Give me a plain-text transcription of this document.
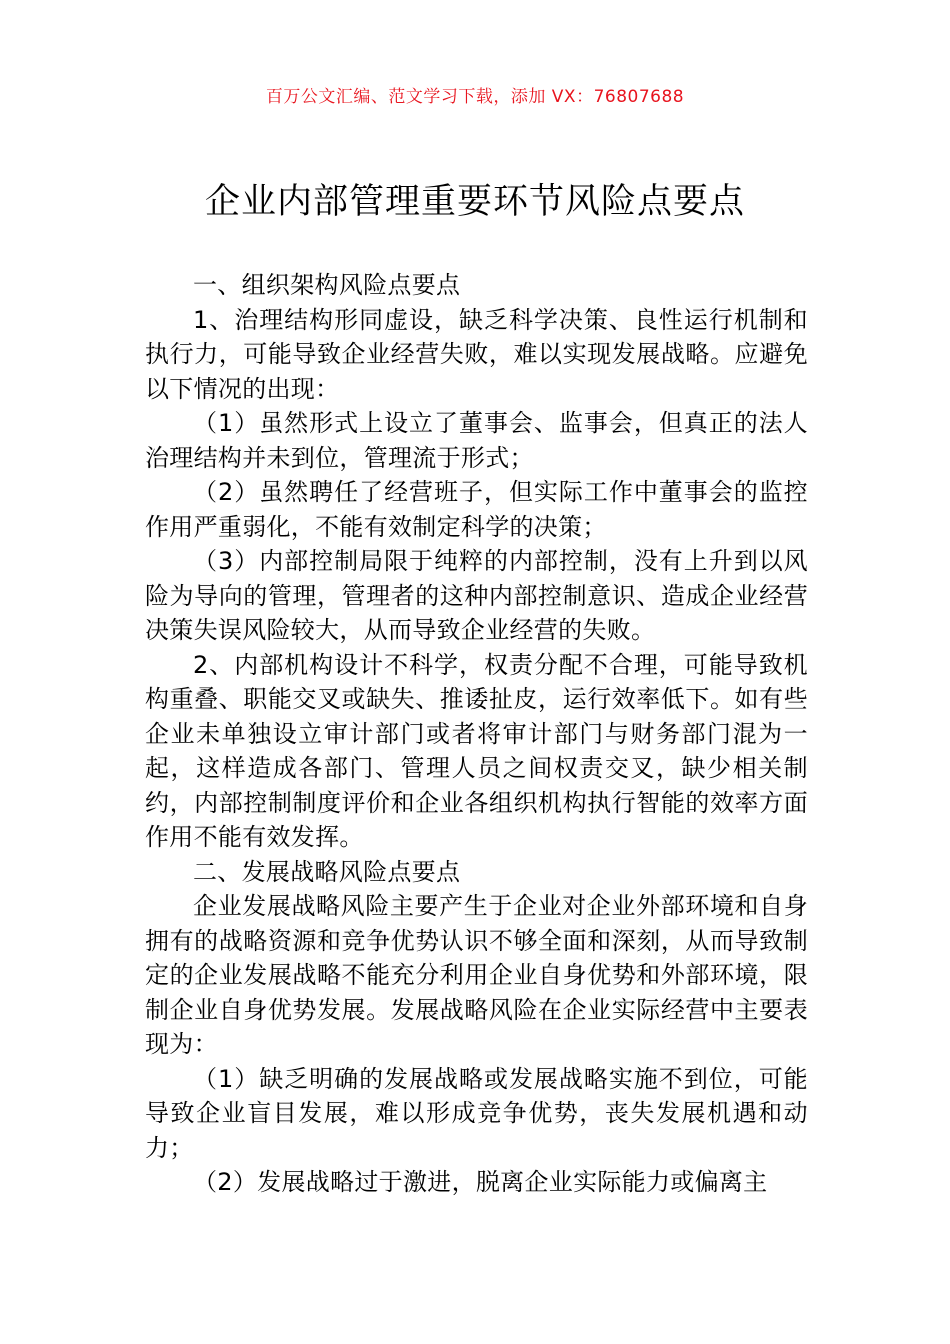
百万公文汇编、范文学习下载，添加 VX：76807688
企业内部管理重要环节风险点要点

一、组织架构风险点要点

1、治理结构形同虚设，缺乏科学决策、良性运行机制和执行力，可能导致企业经营失败，难以实现发展战略。应避免以下情况的出现：

（1）虽然形式上设立了董事会、监事会，但真正的法人治理结构并未到位，管理流于形式；

（2）虽然聘任了经营班子，但实际工作中董事会的监控作用严重弱化，不能有效制定科学的决策；

（3）内部控制局限于纯粹的内部控制，没有上升到以风险为导向的管理，管理者的这种内部控制意识、造成企业经营决策失误风险较大，从而导致企业经营的失败。

2、内部机构设计不科学，权责分配不合理，可能导致机构重叠、职能交叉或缺失、推诿扯皮，运行效率低下。如有些企业未单独设立审计部门或者将审计部门与财务部门混为一起，这样造成各部门、管理人员之间权责交叉，缺少相关制约，内部控制制度评价和企业各组织机构执行智能的效率方面作用不能有效发挥。

二、发展战略风险点要点

企业发展战略风险主要产生于企业对企业外部环境和自身拥有的战略资源和竞争优势认识不够全面和深刻，从而导致制定的企业发展战略不能充分利用企业自身优势和外部环境，限制企业自身优势发展。发展战略风险在企业实际经营中主要表现为：

（1）缺乏明确的发展战略或发展战略实施不到位，可能导致企业盲目发展，难以形成竞争优势，丧失发展机遇和动力；

（2）发展战略过于激进，脱离企业实际能力或偏离主
